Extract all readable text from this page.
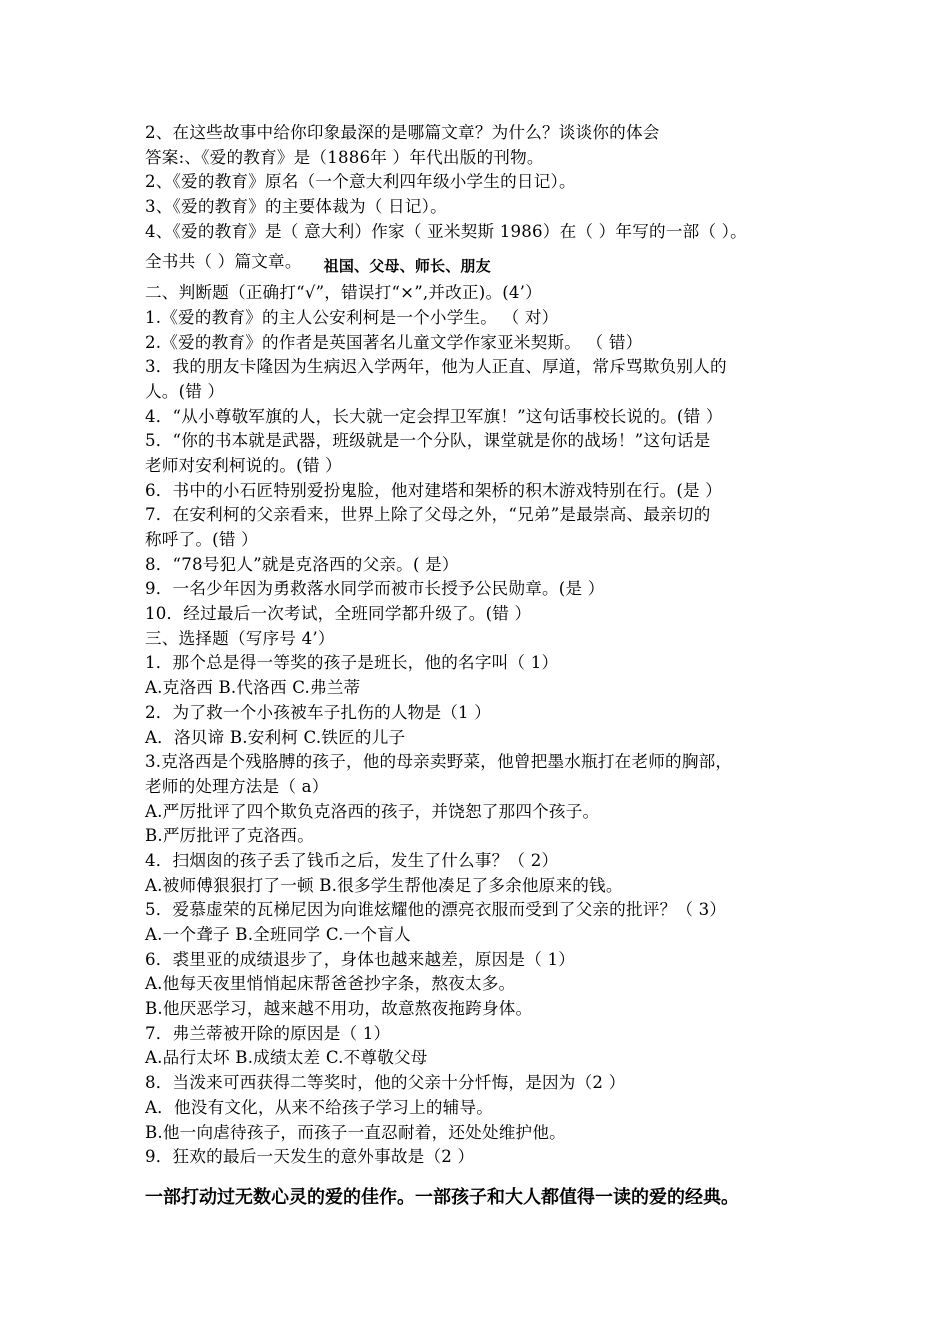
2、在这些故事中给你印象最深的是哪篇文章？为什么？谈谈你的体会
答案:、《爱的教育》是（1886年 ）年代出版的刊物。
2、《爱的教育》原名（一个意大利四年级小学生的日记）。
3、《爱的教育》的主要体裁为（ 日记）。
4、《爱的教育》是（ 意大利）作家（ 亚米契斯 1986）在（ ）年写的一部（ ）。
全书共（ ）篇文章。 祖国、父母、师长、朋友
二、判断题（正确打“√”，错误打“×”,并改正)。(4’）
1.《爱的教育》的主人公安利柯是一个小学生。 （ 对）
2.《爱的教育》的作者是英国著名儿童文学作家亚米契斯。 （ 错）
3．我的朋友卡隆因为生病迟入学两年，他为人正直、厚道，常斥骂欺负别人的
人。(错 ）
4．“从小尊敬军旗的人，长大就一定会捍卫军旗！”这句话事校长说的。(错 ）
5．“你的书本就是武器，班级就是一个分队，课堂就是你的战场！”这句话是
老师对安利柯说的。(错 ）
6．书中的小石匠特别爱扮鬼脸，他对建塔和架桥的积木游戏特别在行。(是 ）
7．在安利柯的父亲看来，世界上除了父母之外，“兄弟”是最崇高、最亲切的
称呼了。(错 ）
8．“78号犯人”就是克洛西的父亲。( 是）
9．一名少年因为勇救落水同学而被市长授予公民勋章。(是 ）
10．经过最后一次考试，全班同学都升级了。(错 ）
三、选择题（写序号 4’）
1．那个总是得一等奖的孩子是班长，他的名字叫（ 1）
A.克洛西 B.代洛西 C.弗兰蒂
2．为了救一个小孩被车子扎伤的人物是（1 ）
A．洛贝谛 B.安利柯 C.铁匠的儿子
3.克洛西是个残胳膊的孩子，他的母亲卖野菜，他曾把墨水瓶打在老师的胸部，
老师的处理方法是（ a）
A.严厉批评了四个欺负克洛西的孩子，并饶恕了那四个孩子。
B.严厉批评了克洛西。
4．扫烟囱的孩子丢了钱币之后，发生了什么事？（ 2）
A.被师傅狠狠打了一顿 B.很多学生帮他凑足了多余他原来的钱。
5．爱慕虚荣的瓦梯尼因为向谁炫耀他的漂亮衣服而受到了父亲的批评？（ 3）
A.一个聋子 B.全班同学 C.一个盲人
6．裘里亚的成绩退步了，身体也越来越差，原因是（ 1）
A.他每天夜里悄悄起床帮爸爸抄字条，熬夜太多。
B.他厌恶学习，越来越不用功，故意熬夜拖跨身体。
7．弗兰蒂被开除的原因是（ 1）
A.品行太坏 B.成绩太差 C.不尊敬父母
8．当泼来可西获得二等奖时，他的父亲十分忏悔，是因为（2 ）
A．他没有文化，从来不给孩子学习上的辅导。
B.他一向虐待孩子，而孩子一直忍耐着，还处处维护他。
9．狂欢的最后一天发生的意外事故是（2 ）
一部打动过无数心灵的爱的佳作。一部孩子和大人都值得一读的爱的经典。
